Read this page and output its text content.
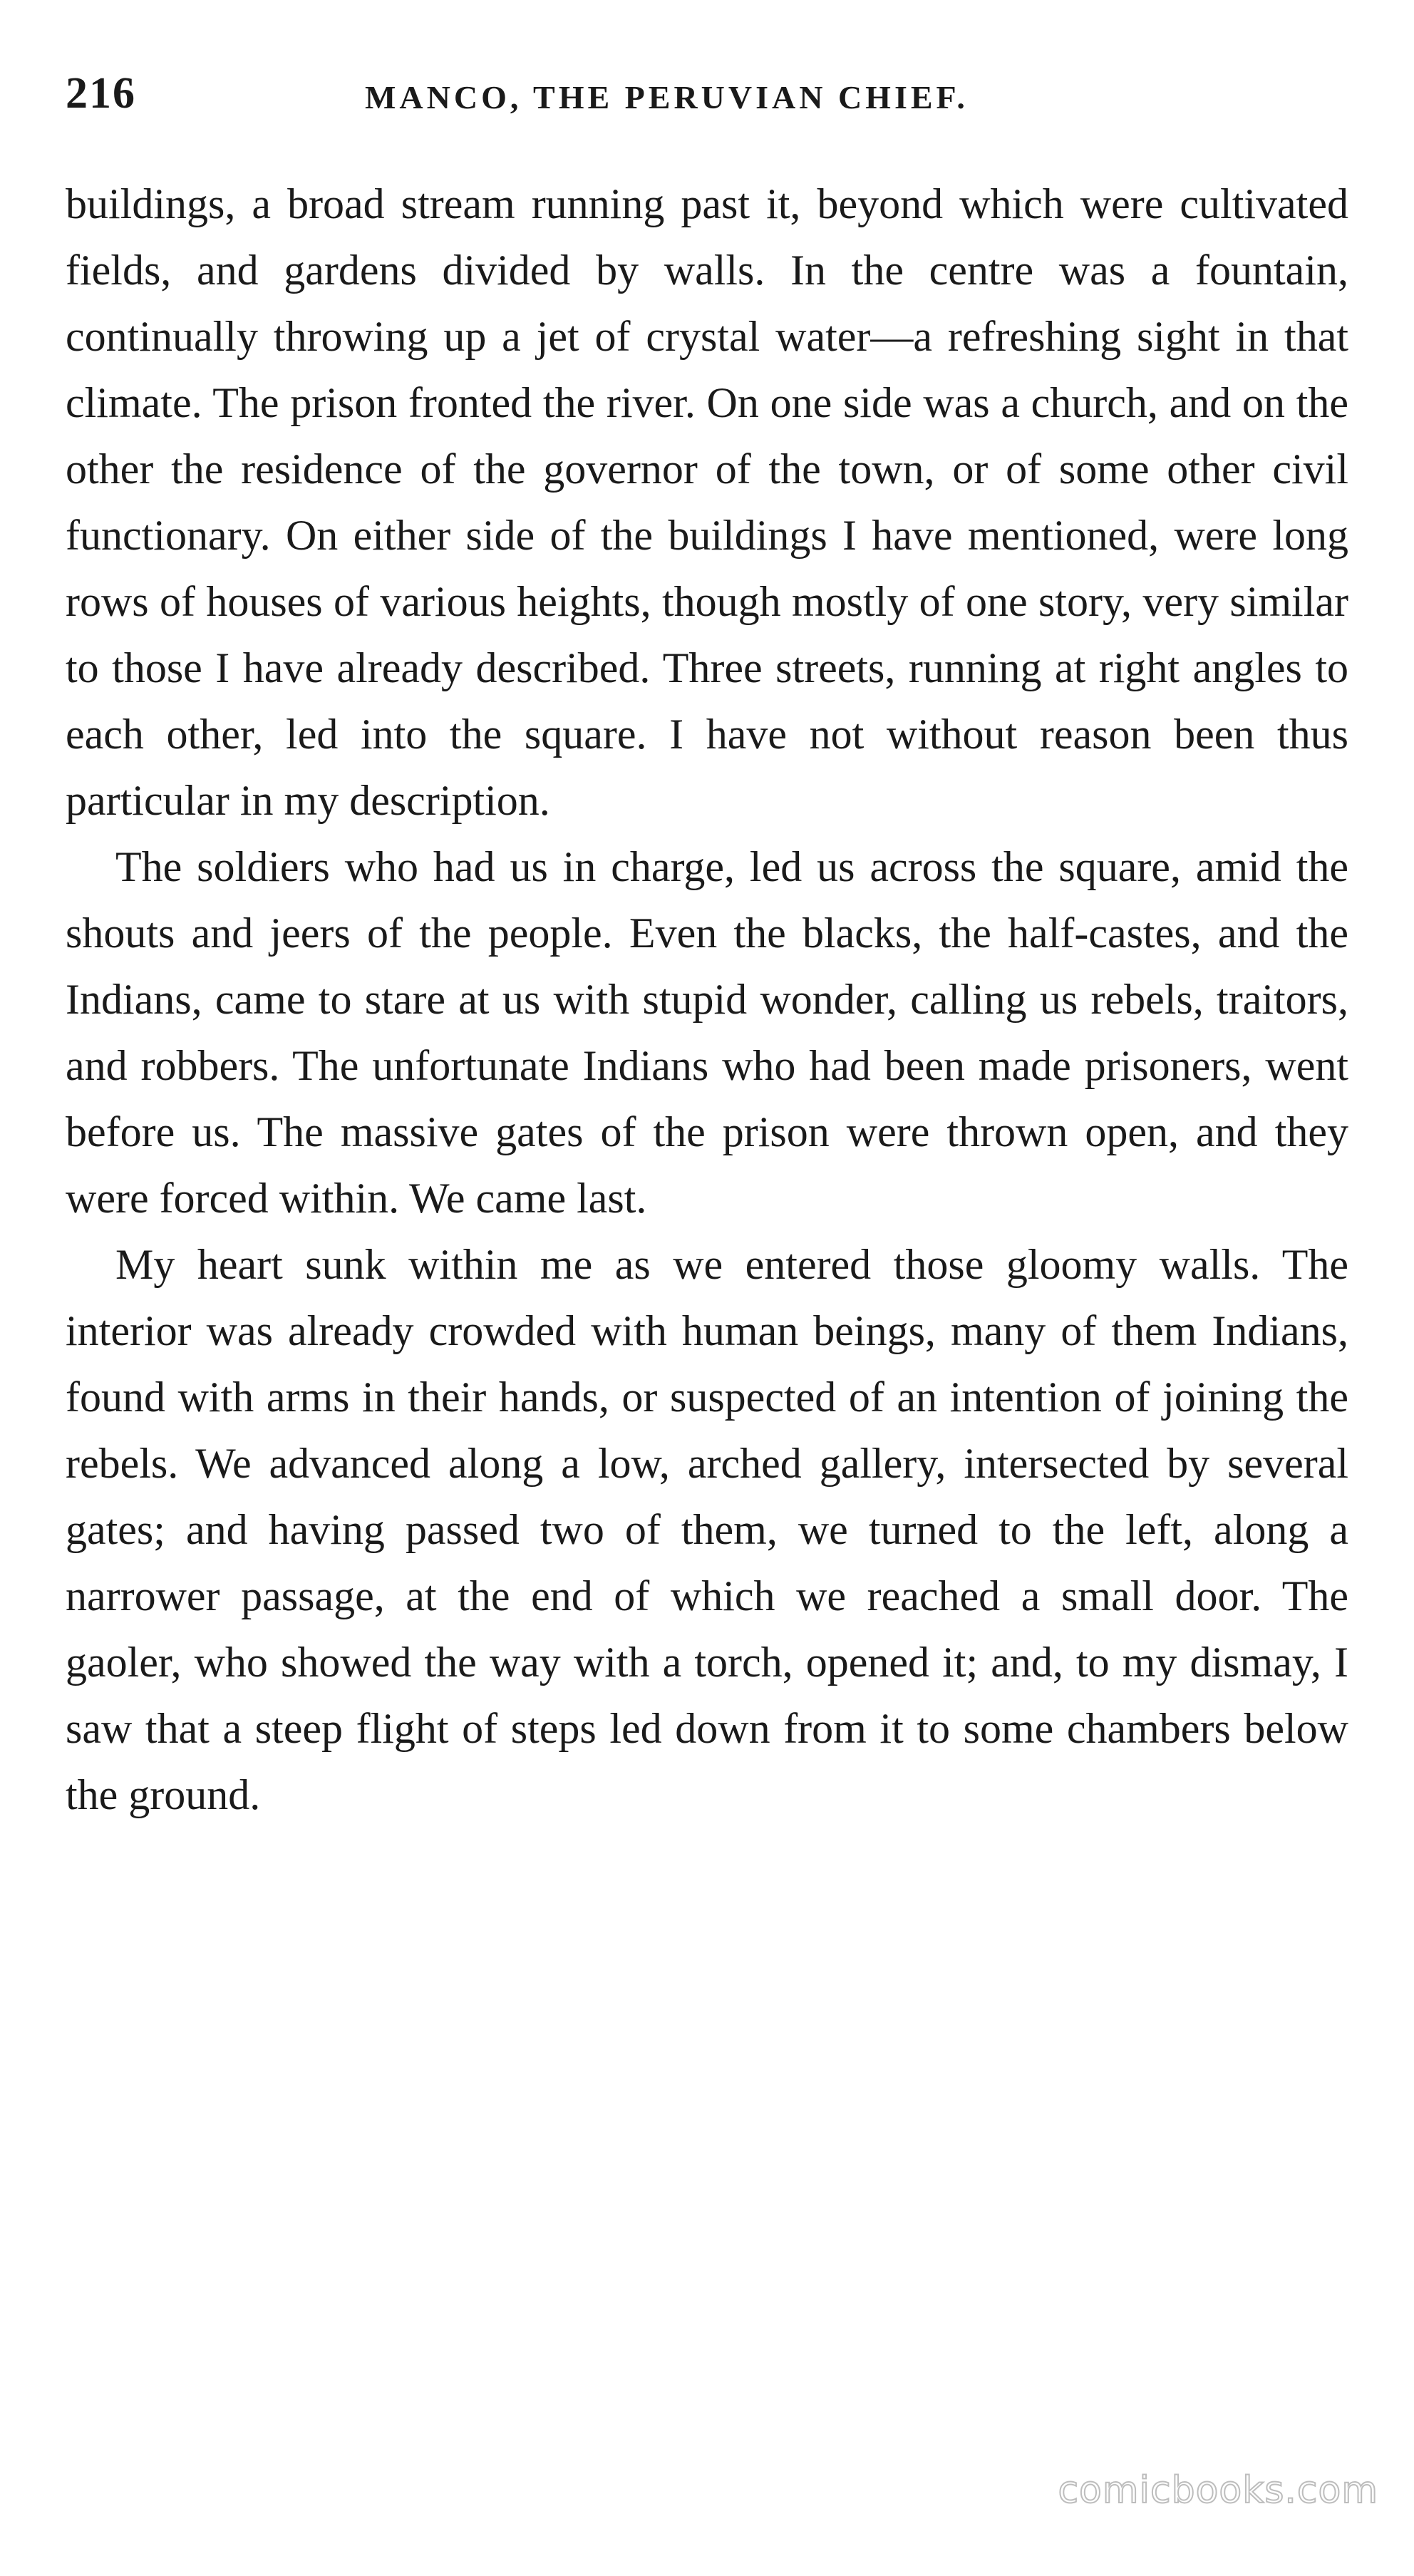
216	MANCO, THE PERUVIAN CHIEF.

buildings, a broad stream running past it, beyond which were cultivated fields, and gardens divided by walls. In the centre was a fountain, continually throwing up a jet of crystal water—a refreshing sight in that climate. The prison fronted the river. On one side was a church, and on the other the residence of the governor of the town, or of some other civil functionary. On either side of the buildings I have mentioned, were long rows of houses of various heights, though mostly of one story, very similar to those I have already described. Three streets, running at right angles to each other, led into the square. I have not without reason been thus particular in my description.

The soldiers who had us in charge, led us across the square, amid the shouts and jeers of the people. Even the blacks, the half-castes, and the Indians, came to stare at us with stupid wonder, calling us rebels, traitors, and robbers. The unfortunate Indians who had been made prisoners, went before us. The massive gates of the prison were thrown open, and they were forced within. We came last.

My heart sunk within me as we entered those gloomy walls. The interior was already crowded with human beings, many of them Indians, found with arms in their hands, or suspected of an intention of joining the rebels. We advanced along a low, arched gallery, intersected by several gates; and having passed two of them, we turned to the left, along a narrower passage, at the end of which we reached a small door. The gaoler, who showed the way with a torch, opened it; and, to my dismay, I saw that a steep flight of steps led down from it to some chambers below the ground.

comicbooks.com
